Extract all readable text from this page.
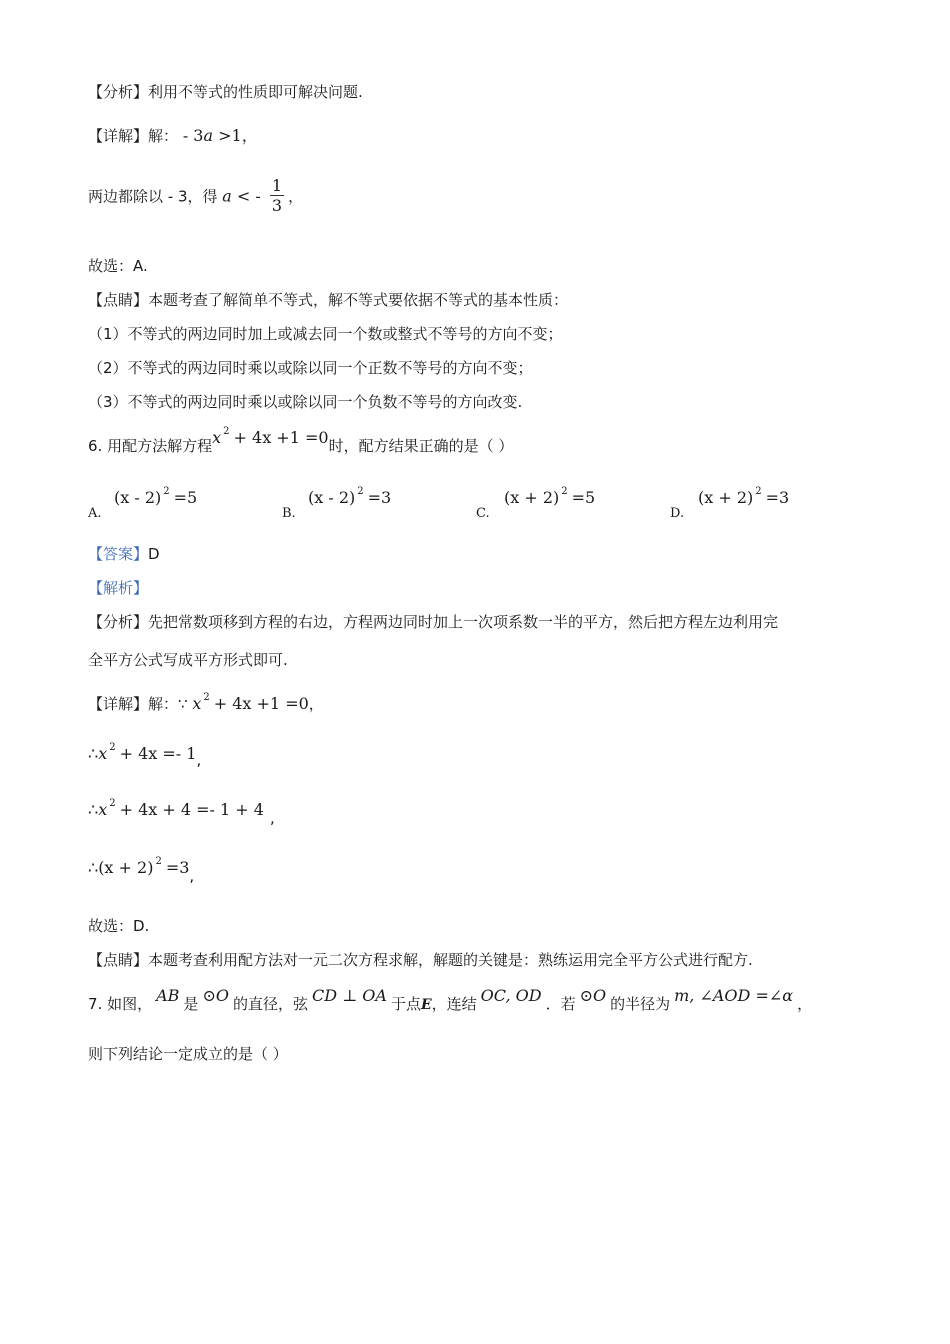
【分析】利用不等式的性质即可解决问题.
【详解】解： - 3a >1，
两边都除以 - 3，得 a < - $\frac{1}{3}$ ，
故选：A.
【点睛】本题考查了解简单不等式，解不等式要依据不等式的基本性质：
（1）不等式的两边同时加上或减去同一个数或整式不等号的方向不变；
（2）不等式的两边同时乘以或除以同一个正数不等号的方向不变；
（3）不等式的两边同时乘以或除以同一个负数不等号的方向改变.
6. 用配方法解方程x $^2$ + 4x +1 =0时，配方结果正确的是（ ）
A.
(x - 2) $^2$ =5
B.
(x - 2) $^2$ =3
C.
(x + 2) $^2$ =5
D.
(x + 2) $^2$ =3
【答案】D
【解析】
【分析】先把常数项移到方程的右边，方程两边同时加上一次项系数一半的平方，然后把方程左边利用完
全平方公式写成平方形式即可.
【详解】解：∵ x $^2$ + 4x +1 =0，
∴x $^2$ + 4x =- 1,
∴x $^2$ + 4x + 4 =- 1 + 4 ,
∴(x + 2) $^2$ =3,
故选：D.
【点睛】本题考查利用配方法对一元二次方程求解，解题的关键是：熟练运用完全平方公式进行配方.
7. 如图， AB 是 ⊙O 的直径，弦 CD ⊥ OA 于点E，连结 OC, OD ．若 ⊙O 的半径为 m, ∠AOD =∠α ，
则下列结论一定成立的是（ ）
